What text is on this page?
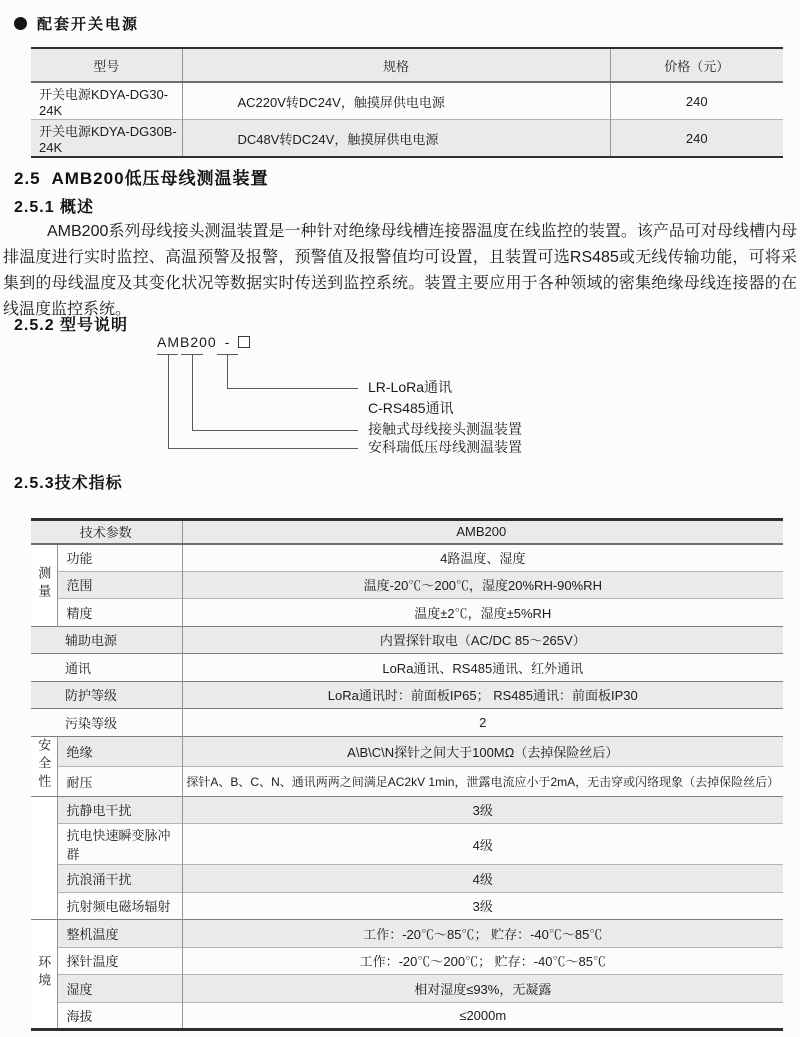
配套开关电源
型号	规格	价格（元）
开关电源KDYA-DG30-24K	AC220V转DC24V，触摸屏供电电源	240
开关电源KDYA-DG30B-24K	DC48V转DC24V，触摸屏供电电源	240
2.5  AMB200低压母线测温装置
2.5.1 概述
AMB200系列母线接头测温装置是一种针对绝缘母线槽连接器温度在线监控的装置。该产品可对母线槽内母排温度进行实时监控、高温预警及报警，预警值及报警值均可设置，且装置可选RS485或无线传输功能，可将采集到的母线温度及其变化状况等数据实时传送到监控系统。装置主要应用于各种领域的密集绝缘母线连接器的在线温度监控系统。
2.5.2 型号说明
AMB200 -
LR-LoRa通讯
C-RS485通讯
接触式母线接头测温装置
安科瑞低压母线测温装置
2.5.3技术指标
技术参数		AMB200
测量	功能	4路温度、湿度
	范围	温度-20℃～200℃，湿度20%RH-90%RH
	精度	温度±2℃，湿度±5%RH
辅助电源		内置探针取电（AC/DC 85～265V）
通讯		LoRa通讯、RS485通讯、红外通讯
防护等级		LoRa通讯时：前面板IP65； RS485通讯：前面板IP30
污染等级		2
安全性	绝缘	A\B\C\N探针之间大于100MΩ（去掉保险丝后）
	耐压	探针A、B、C、N、通讯两两之间满足AC2kV 1min，泄露电流应小于2mA，无击穿或闪络现象（去掉保险丝后）
	抗静电干扰	3级
	抗电快速瞬变脉冲群	4级
	抗浪涌干扰	4级
	抗射频电磁场辐射	3级
环境	整机温度	工作：-20℃～85℃； 贮存：-40℃～85℃
	探针温度	工作：-20℃～200℃； 贮存：-40℃～85℃
	湿度	相对湿度≤93%，无凝露
	海拔	≤2000m
